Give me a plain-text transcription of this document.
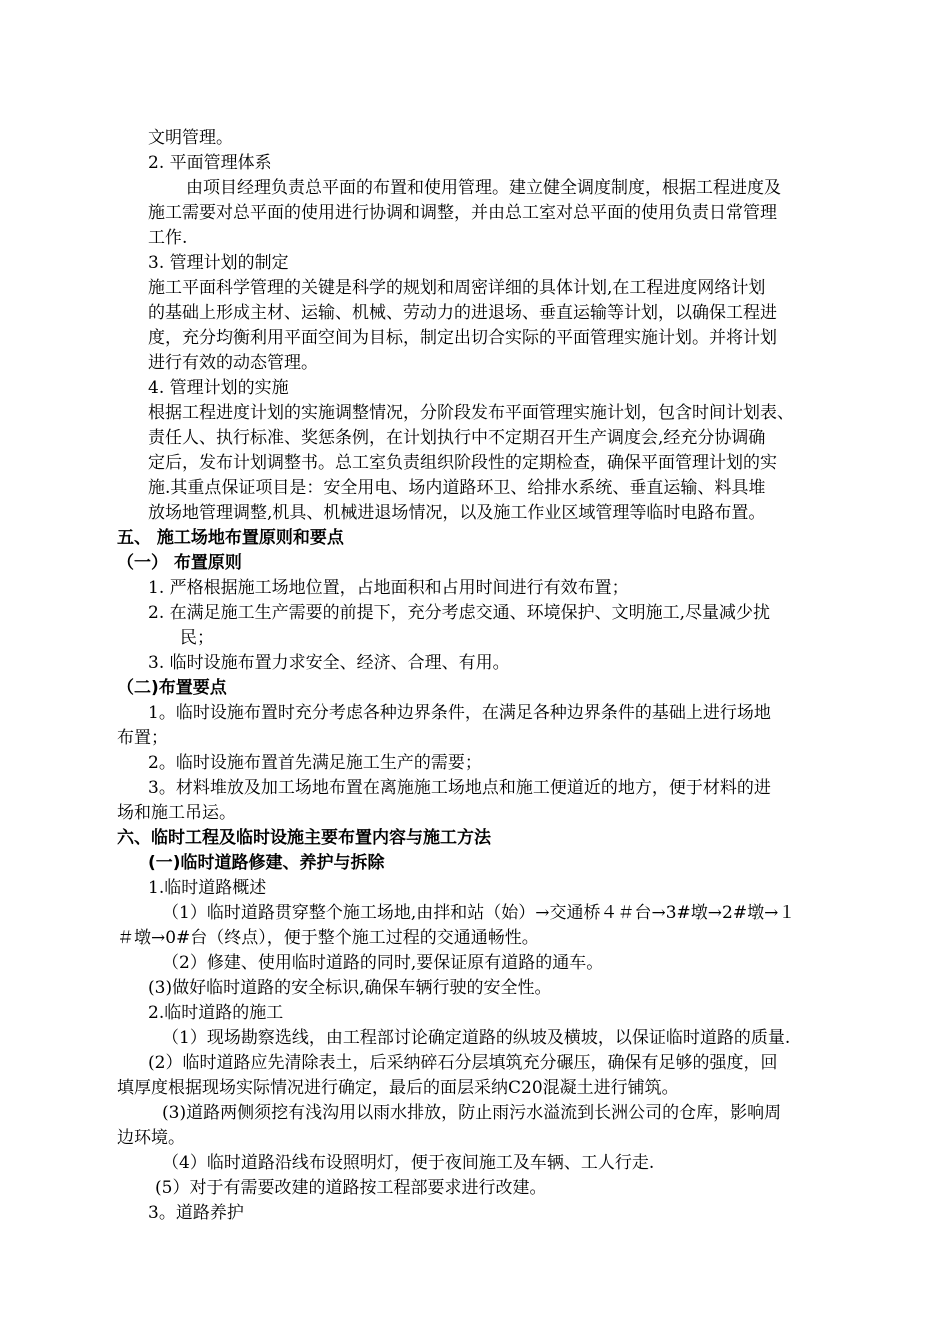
文明管理。
2. 平面管理体系
由项目经理负责总平面的布置和使用管理。建立健全调度制度，根据工程进度及
施工需要对总平面的使用进行协调和调整，并由总工室对总平面的使用负责日常管理
工作.
3. 管理计划的制定
施工平面科学管理的关键是科学的规划和周密详细的具体计划,在工程进度网络计划
的基础上形成主材、运输、机械、劳动力的进退场、垂直运输等计划，以确保工程进
度，充分均衡利用平面空间为目标，制定出切合实际的平面管理实施计划。并将计划
进行有效的动态管理。
4. 管理计划的实施
根据工程进度计划的实施调整情况，分阶段发布平面管理实施计划，包含时间计划表、
责任人、执行标准、奖惩条例，在计划执行中不定期召开生产调度会,经充分协调确
定后，发布计划调整书。总工室负责组织阶段性的定期检查，确保平面管理计划的实
施.其重点保证项目是：安全用电、场内道路环卫、给排水系统、垂直运输、料具堆
放场地管理调整,机具、机械进退场情况，以及施工作业区域管理等临时电路布置。
五、 施工场地布置原则和要点
（一） 布置原则
1. 严格根据施工场地位置，占地面积和占用时间进行有效布置；
2. 在满足施工生产需要的前提下，充分考虑交通、环境保护、文明施工,尽量减少扰
民；
3. 临时设施布置力求安全、经济、合理、有用。
（二)布置要点
1。临时设施布置时充分考虑各种边界条件，在满足各种边界条件的基础上进行场地
布置；
2。临时设施布置首先满足施工生产的需要；
3。材料堆放及加工场地布置在离施施工场地点和施工便道近的地方，便于材料的进
场和施工吊运。
六、临时工程及临时设施主要布置内容与施工方法
(一)临时道路修建、养护与拆除
1.临时道路概述
（1）临时道路贯穿整个施工场地,由拌和站（始）→交通桥４＃台→3#墩→2#墩→１
＃墩→0#台（终点），便于整个施工过程的交通通畅性。
（2）修建、使用临时道路的同时,要保证原有道路的通车。
(3)做好临时道路的安全标识,确保车辆行驶的安全性。
2.临时道路的施工
（1）现场勘察选线，由工程部讨论确定道路的纵坡及横坡，以保证临时道路的质量.
(2）临时道路应先清除表土，后采纳碎石分层填筑充分碾压，确保有足够的强度，回
填厚度根据现场实际情况进行确定，最后的面层采纳C20混凝土进行铺筑。
(3)道路两侧须挖有浅沟用以雨水排放，防止雨污水溢流到长洲公司的仓库，影响周
边环境。
（4）临时道路沿线布设照明灯，便于夜间施工及车辆、工人行走.
(5）对于有需要改建的道路按工程部要求进行改建。
3。道路养护
